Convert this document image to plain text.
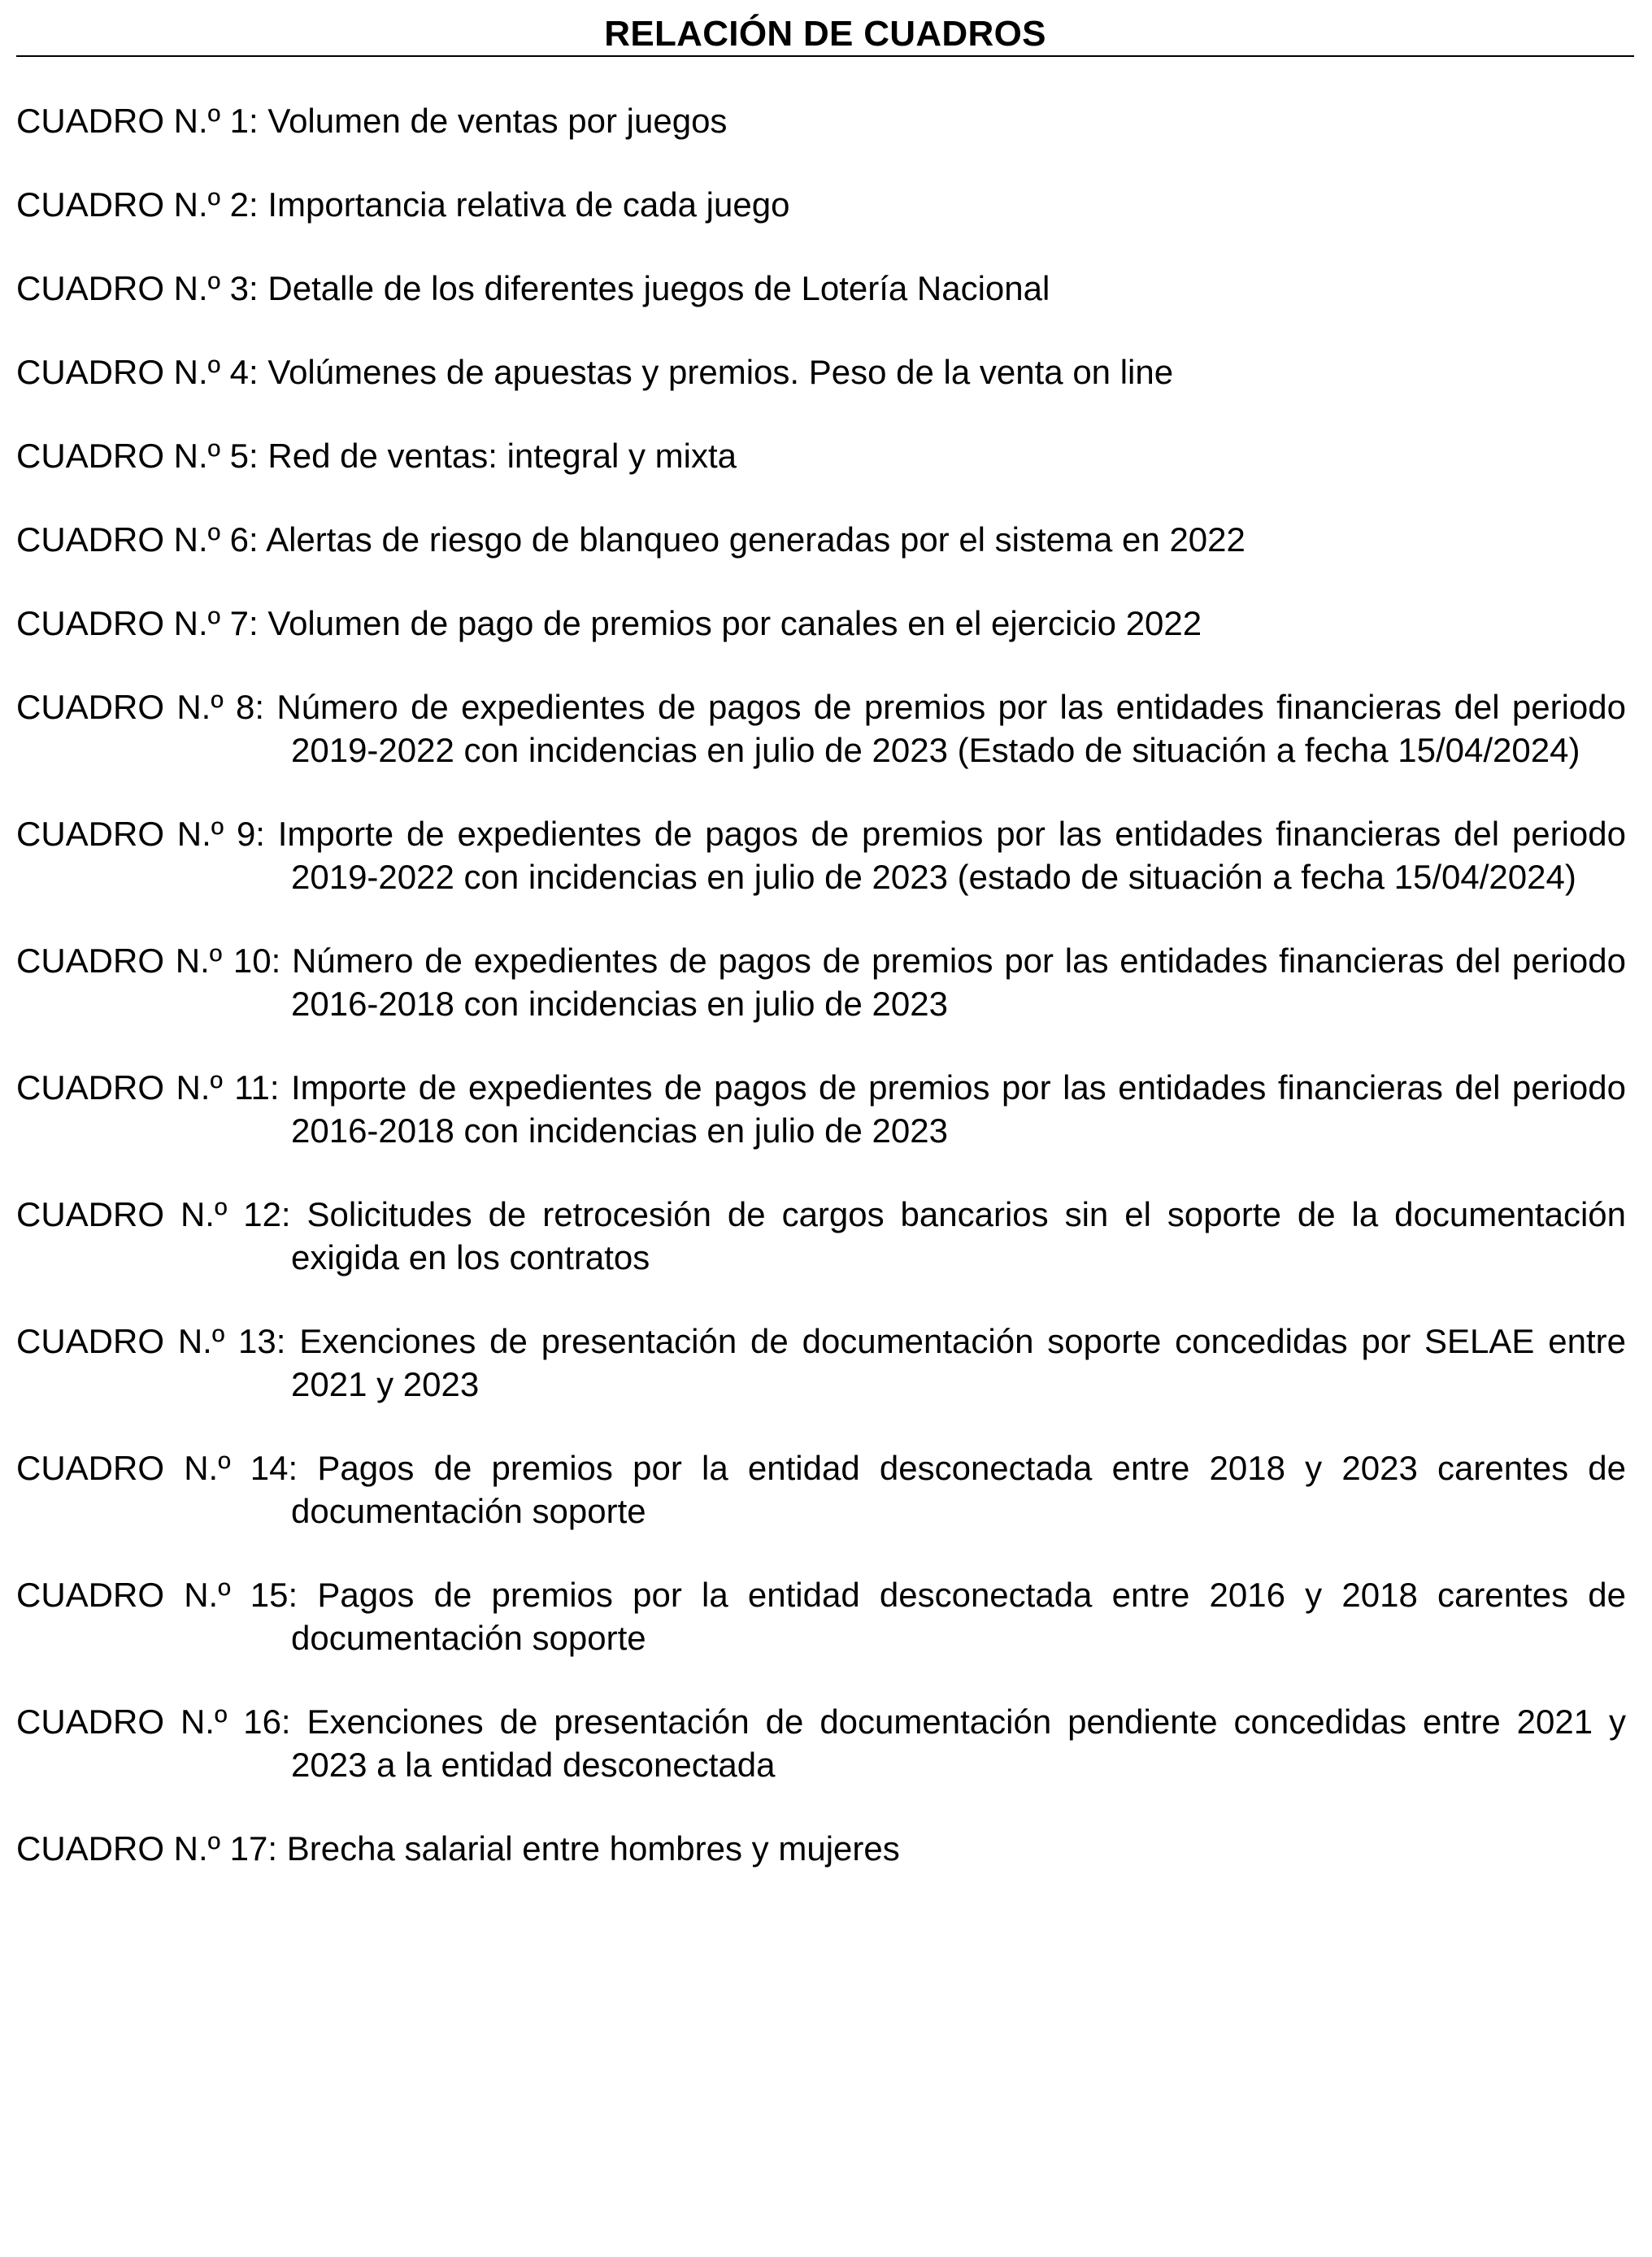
RELACIÓN DE CUADROS
CUADRO N.º 1: Volumen de ventas por juegos
CUADRO N.º 2: Importancia relativa de cada juego
CUADRO N.º 3: Detalle de los diferentes juegos de Lotería Nacional
CUADRO N.º 4: Volúmenes de apuestas y premios. Peso de la venta on line
CUADRO N.º 5: Red de ventas: integral y mixta
CUADRO N.º 6: Alertas de riesgo de blanqueo generadas por el sistema en 2022
CUADRO N.º 7: Volumen de pago de premios por canales en el ejercicio 2022
CUADRO N.º 8: Número de expedientes de pagos de premios por las entidades financieras del periodo 2019-2022 con incidencias en julio de 2023 (Estado de situación a fecha 15/04/2024)
CUADRO N.º 9: Importe de expedientes de pagos de premios por las entidades financieras del periodo 2019-2022 con incidencias en julio de 2023 (estado de situación a fecha 15/04/2024)
CUADRO N.º 10: Número de expedientes de pagos de premios por las entidades financieras del periodo 2016-2018 con incidencias en julio de 2023
CUADRO N.º 11: Importe de expedientes de pagos de premios por las entidades financieras del periodo 2016-2018 con incidencias en julio de 2023
CUADRO N.º 12: Solicitudes de retrocesión de cargos bancarios sin el soporte de la documentación exigida en los contratos
CUADRO N.º 13: Exenciones de presentación de documentación soporte concedidas por SELAE entre 2021 y 2023
CUADRO N.º 14: Pagos de premios por la entidad desconectada entre 2018 y 2023 carentes de documentación soporte
CUADRO N.º 15: Pagos de premios por la entidad desconectada entre 2016 y 2018 carentes de documentación soporte
CUADRO N.º 16: Exenciones de presentación de documentación pendiente concedidas entre 2021 y 2023 a la entidad desconectada
CUADRO N.º 17: Brecha salarial entre hombres y mujeres
